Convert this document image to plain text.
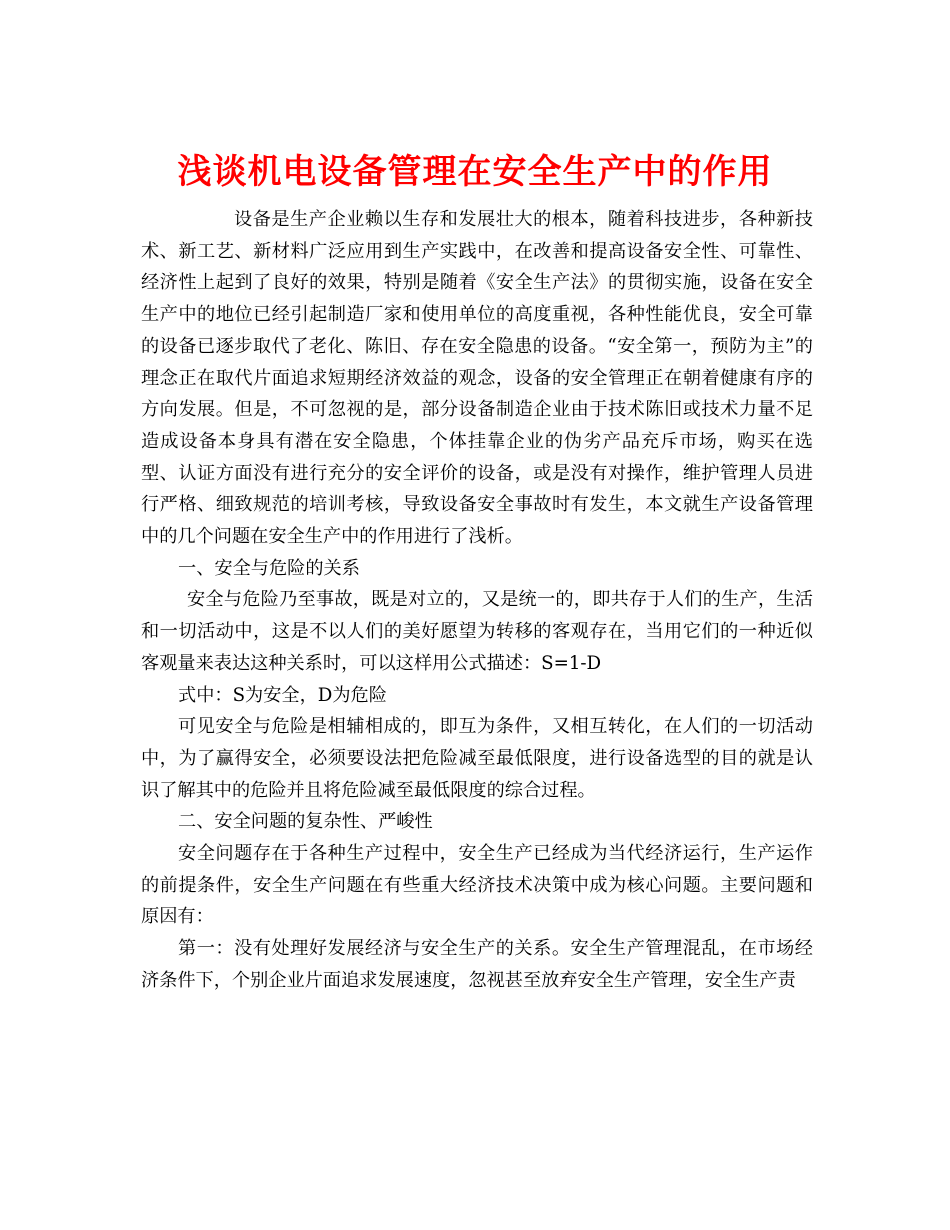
浅谈机电设备管理在安全生产中的作用

设备是生产企业赖以生存和发展壮大的根本，随着科技进步，各种新技术、新工艺、新材料广泛应用到生产实践中，在改善和提高设备安全性、可靠性、经济性上起到了良好的效果，特别是随着《安全生产法》的贯彻实施，设备在安全生产中的地位已经引起制造厂家和使用单位的高度重视，各种性能优良，安全可靠的设备已逐步取代了老化、陈旧、存在安全隐患的设备。“安全第一，预防为主”的理念正在取代片面追求短期经济效益的观念，设备的安全管理正在朝着健康有序的方向发展。但是，不可忽视的是，部分设备制造企业由于技术陈旧或技术力量不足造成设备本身具有潜在安全隐患，个体挂靠企业的伪劣产品充斥市场，购买在选型、认证方面没有进行充分的安全评价的设备，或是没有对操作，维护管理人员进行严格、细致规范的培训考核，导致设备安全事故时有发生，本文就生产设备管理中的几个问题在安全生产中的作用进行了浅析。

一、安全与危险的关系

安全与危险乃至事故，既是对立的，又是统一的，即共存于人们的生产，生活和一切活动中，这是不以人们的美好愿望为转移的客观存在，当用它们的一种近似客观量来表达这种关系时，可以这样用公式描述：S=1-D

式中：S为安全，D为危险

可见安全与危险是相辅相成的，即互为条件，又相互转化，在人们的一切活动中，为了赢得安全，必须要设法把危险减至最低限度，进行设备选型的目的就是认识了解其中的危险并且将危险减至最低限度的综合过程。

二、安全问题的复杂性、严峻性

安全问题存在于各种生产过程中，安全生产已经成为当代经济运行，生产运作的前提条件，安全生产问题在有些重大经济技术决策中成为核心问题。主要问题和原因有：

第一：没有处理好发展经济与安全生产的关系。安全生产管理混乱，在市场经济条件下，个别企业片面追求发展速度，忽视甚至放弃安全生产管理，安全生产责
